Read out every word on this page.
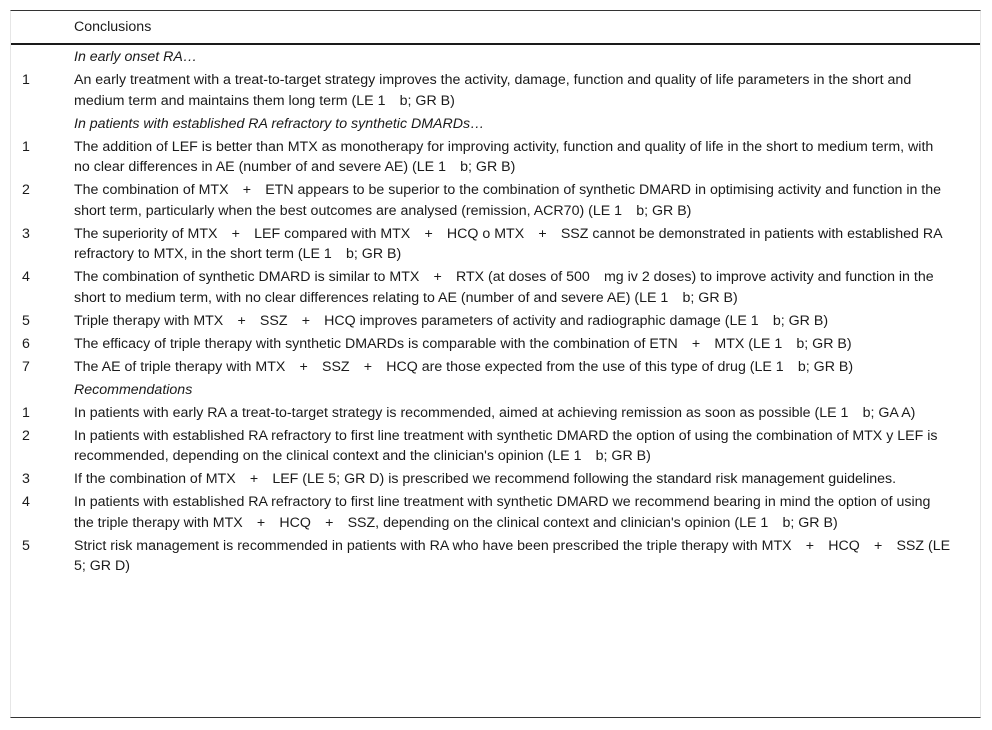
	Conclusions
	In early onset RA…
1	An early treatment with a treat-to-target strategy improves the activity, damage, function and quality of life parameters in the short and medium term and maintains them long term (LE 1 b; GR B)
	In patients with established RA refractory to synthetic DMARDs…
1	The addition of LEF is better than MTX as monotherapy for improving activity, function and quality of life in the short to medium term, with no clear differences in AE (number of and severe AE) (LE 1 b; GR B)
2	The combination of MTX + ETN appears to be superior to the combination of synthetic DMARD in optimising activity and function in the short term, particularly when the best outcomes are analysed (remission, ACR70) (LE 1 b; GR B)
3	The superiority of MTX + LEF compared with MTX + HCQ o MTX + SSZ cannot be demonstrated in patients with established RA refractory to MTX, in the short term (LE 1 b; GR B)
4	The combination of synthetic DMARD is similar to MTX + RTX (at doses of 500 mg iv 2 doses) to improve activity and function in the short to medium term, with no clear differences relating to AE (number of and severe AE) (LE 1 b; GR B)
5	Triple therapy with MTX + SSZ + HCQ improves parameters of activity and radiographic damage (LE 1 b; GR B)
6	The efficacy of triple therapy with synthetic DMARDs is comparable with the combination of ETN + MTX (LE 1 b; GR B)
7	The AE of triple therapy with MTX + SSZ + HCQ are those expected from the use of this type of drug (LE 1 b; GR B)
	Recommendations
1	In patients with early RA a treat-to-target strategy is recommended, aimed at achieving remission as soon as possible (LE 1 b; GA A)
2	In patients with established RA refractory to first line treatment with synthetic DMARD the option of using the combination of MTX y LEF is recommended, depending on the clinical context and the clinician's opinion (LE 1 b; GR B)
3	If the combination of MTX + LEF (LE 5; GR D) is prescribed we recommend following the standard risk management guidelines.
4	In patients with established RA refractory to first line treatment with synthetic DMARD we recommend bearing in mind the option of using the triple therapy with MTX + HCQ + SSZ, depending on the clinical context and clinician's opinion (LE 1 b; GR B)
5	Strict risk management is recommended in patients with RA who have been prescribed the triple therapy with MTX + HCQ + SSZ (LE 5; GR D)
